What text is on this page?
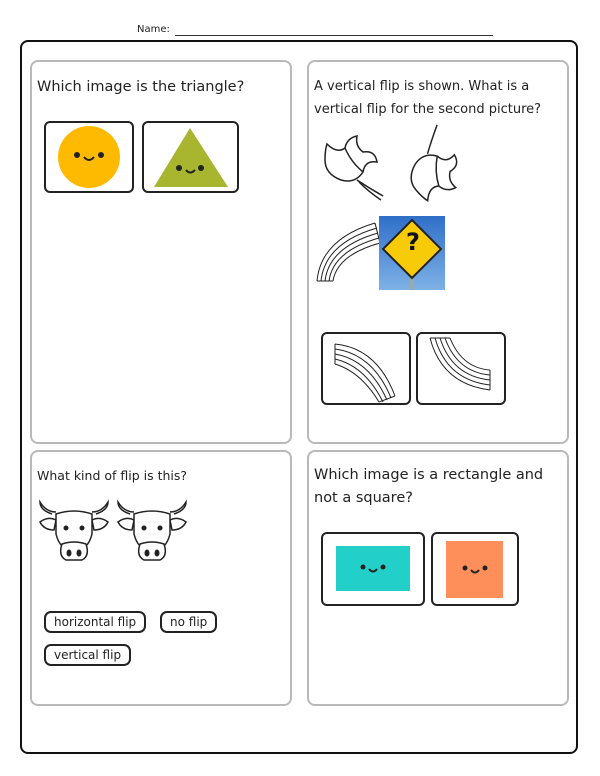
Name:
Which image is the triangle?	A vertical flip is shown. What is a
vertical flip for the second picture?
?
What kind of flip is this?
horizontal flip	no flip
vertical flip
Which image is a rectangle and
not a square?
